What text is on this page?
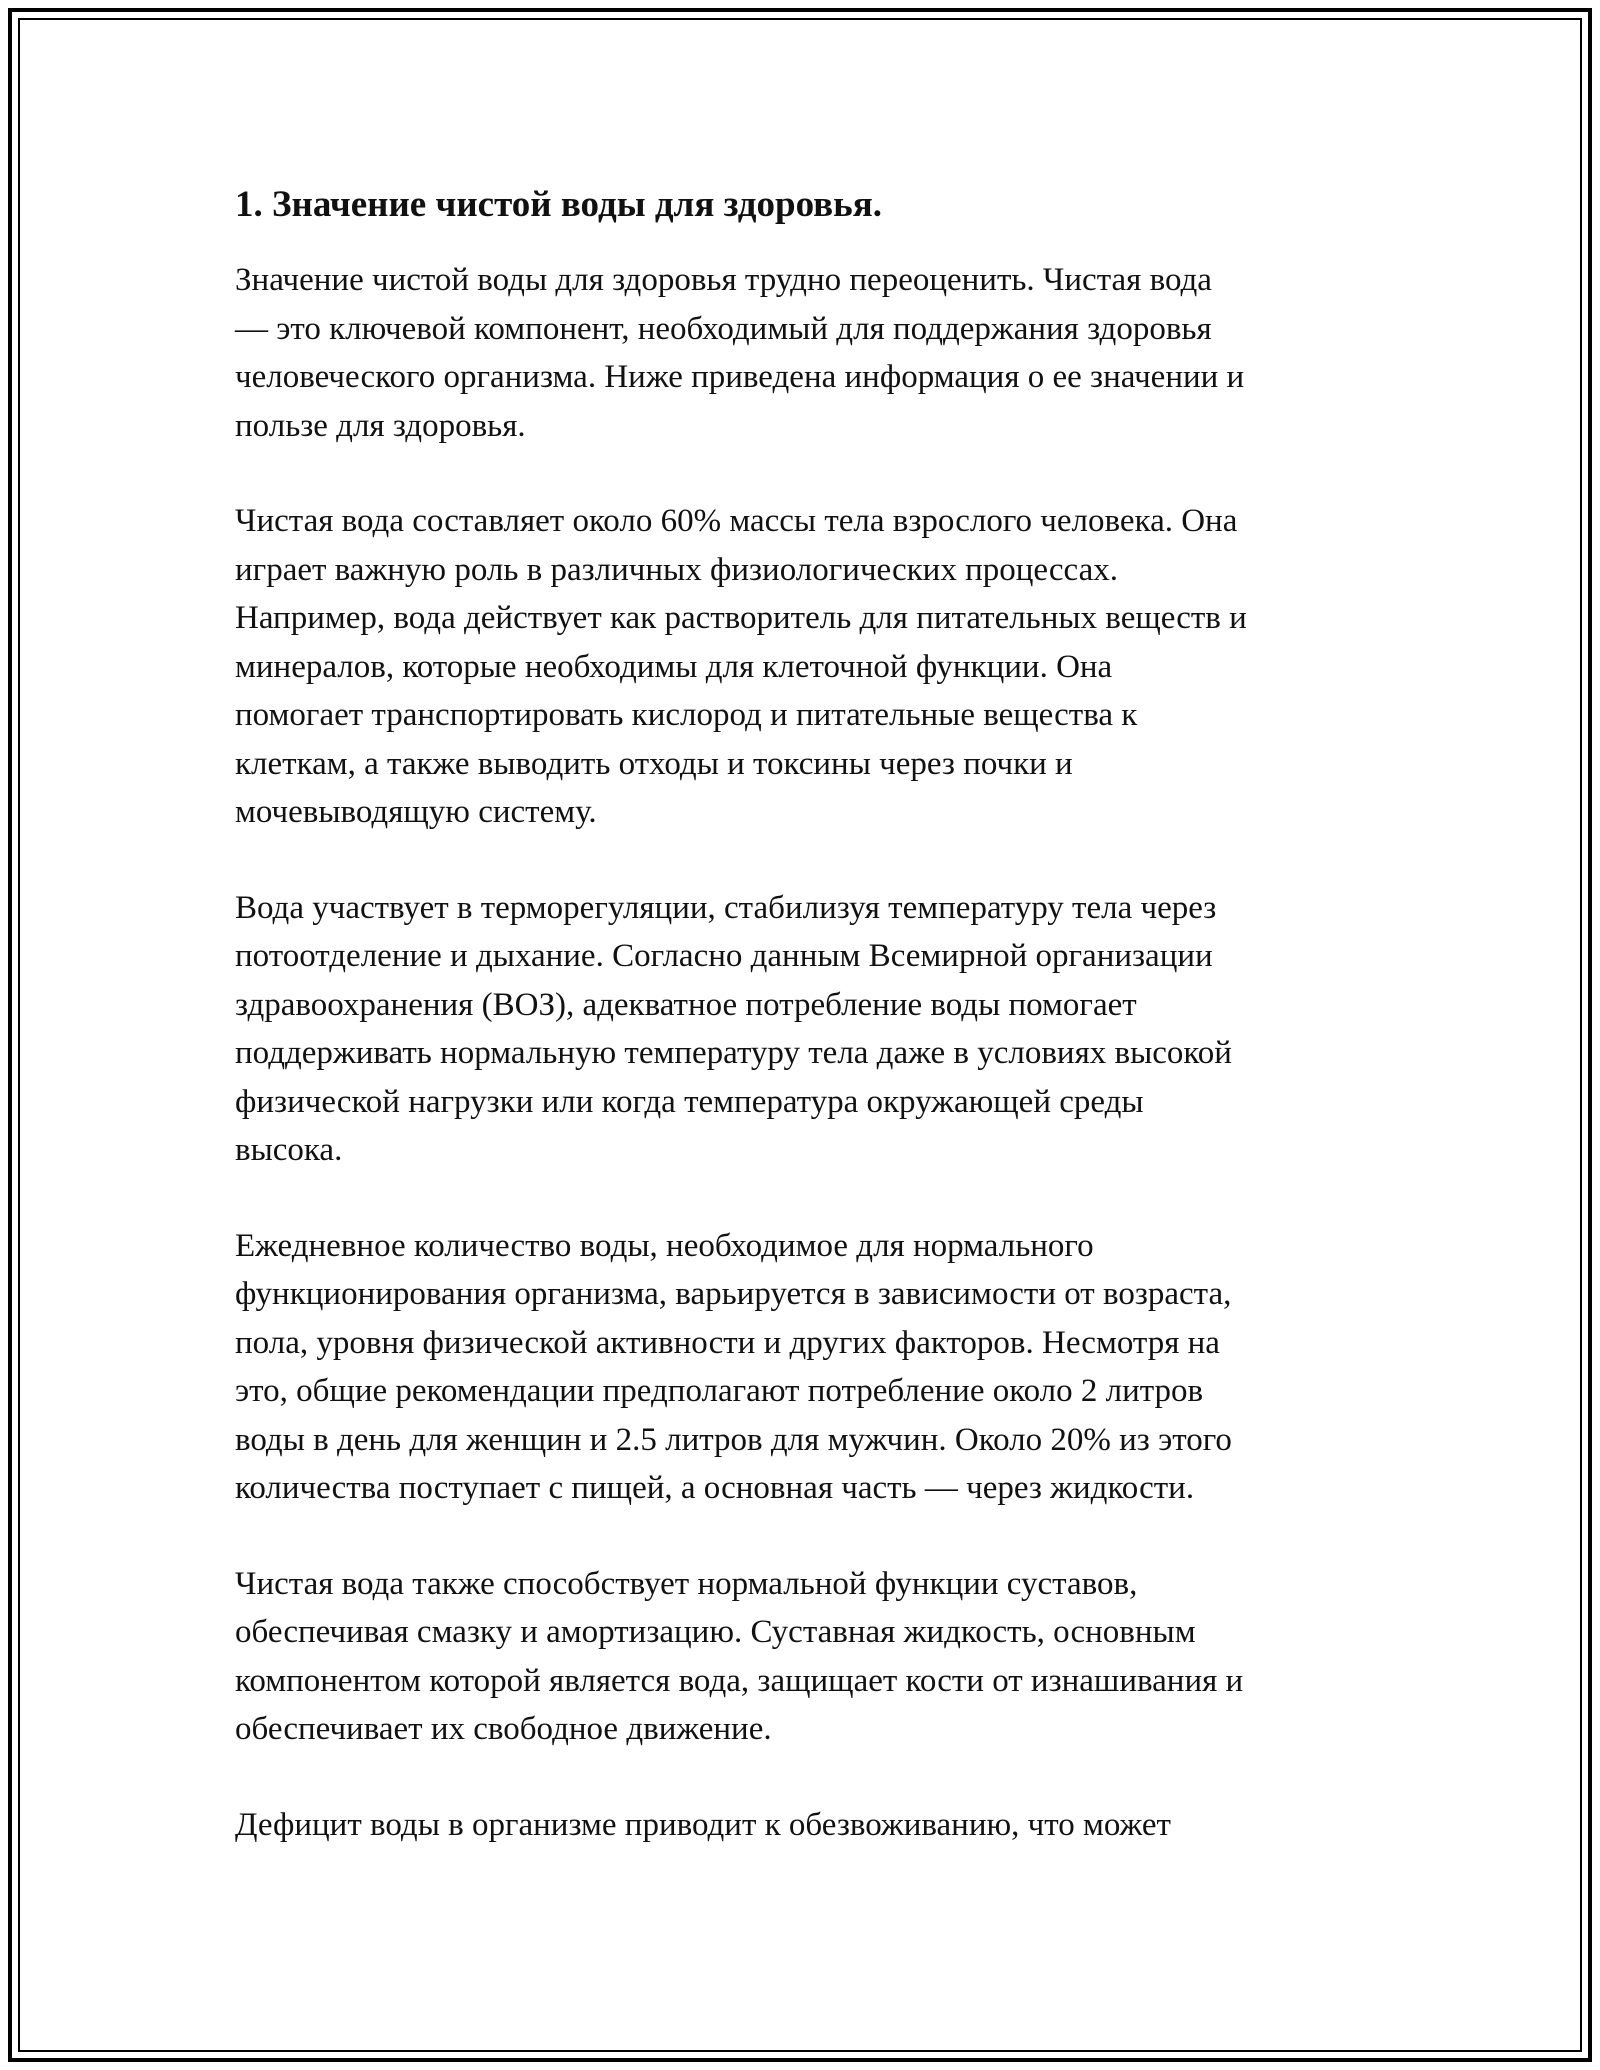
1. Значение чистой воды для здоровья.
Значение чистой воды для здоровья трудно переоценить. Чистая вода
— это ключевой компонент, необходимый для поддержания здоровья
человеческого организма. Ниже приведена информация о ее значении и
пользе для здоровья.
Чистая вода составляет около 60% массы тела взрослого человека. Она
играет важную роль в различных физиологических процессах.
Например, вода действует как растворитель для питательных веществ и
минералов, которые необходимы для клеточной функции. Она
помогает транспортировать кислород и питательные вещества к
клеткам, а также выводить отходы и токсины через почки и
мочевыводящую систему.
Вода участвует в терморегуляции, стабилизуя температуру тела через
потоотделение и дыхание. Согласно данным Всемирной организации
здравоохранения (ВОЗ), адекватное потребление воды помогает
поддерживать нормальную температуру тела даже в условиях высокой
физической нагрузки или когда температура окружающей среды
высока.
Ежедневное количество воды, необходимое для нормального
функционирования организма, варьируется в зависимости от возраста,
пола, уровня физической активности и других факторов. Несмотря на
это, общие рекомендации предполагают потребление около 2 литров
воды в день для женщин и 2.5 литров для мужчин. Около 20% из этого
количества поступает с пищей, а основная часть — через жидкости.
Чистая вода также способствует нормальной функции суставов,
обеспечивая смазку и амортизацию. Суставная жидкость, основным
компонентом которой является вода, защищает кости от изнашивания и
обеспечивает их свободное движение.
Дефицит воды в организме приводит к обезвоживанию, что может
